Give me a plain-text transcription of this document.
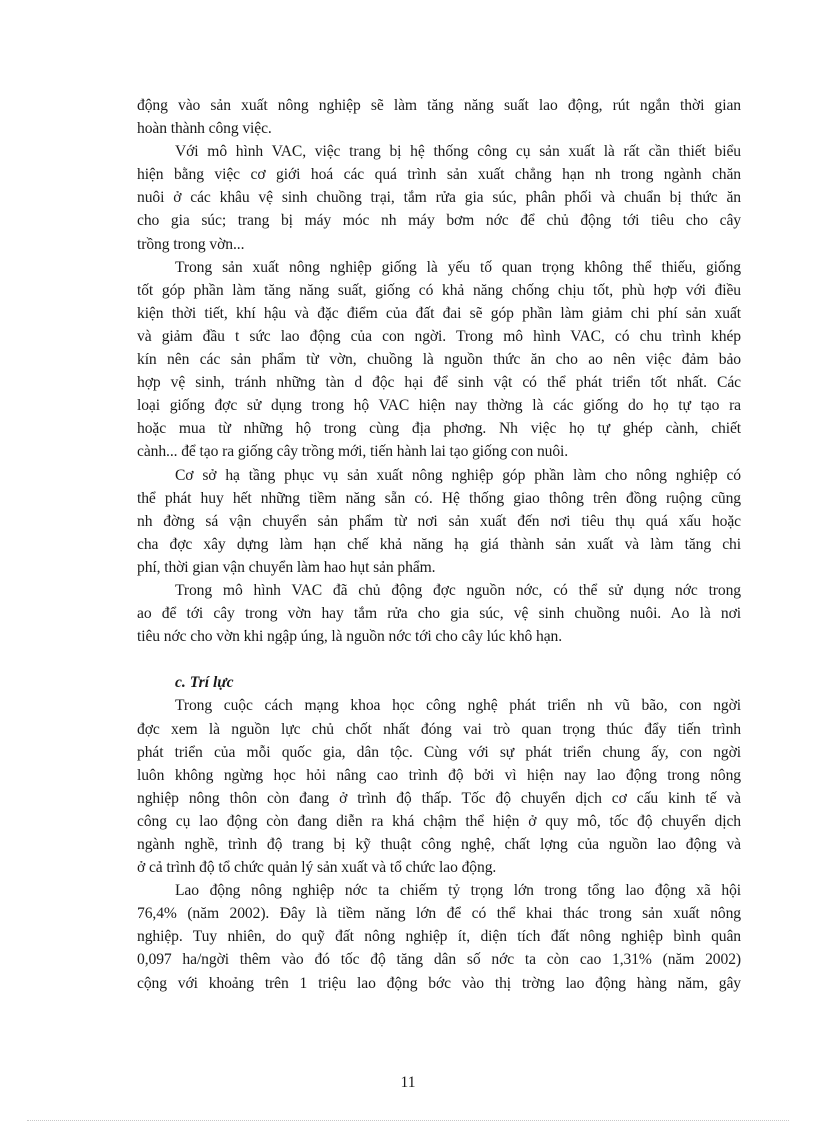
động vào sản xuất nông nghiệp sẽ làm tăng năng suất lao động, rút ngắn thời gian
hoàn thành công việc.
Với mô hình VAC, việc trang bị hệ thống công cụ sản xuất là rất cần thiết biểu
hiện bằng việc cơ giới hoá các quá trình sản xuất chẳng hạn nh trong ngành chăn
nuôi ở các khâu vệ sinh chuồng trại, tắm rửa gia súc, phân phối và chuẩn bị thức ăn
cho gia súc; trang bị máy móc nh máy bơm nớc để chủ động tới tiêu cho cây
trồng trong vờn...
Trong sản xuất nông nghiệp giống là yếu tố quan trọng không thể thiếu, giống
tốt góp phần làm tăng năng suất, giống có khả năng chống chịu tốt, phù hợp với điều
kiện thời tiết, khí hậu và đặc điểm của đất đai sẽ góp phần làm giảm chi phí sản xuất
và giảm đầu t sức lao động của con ngời. Trong mô hình VAC, có chu trình khép
kín nên các sản phẩm từ vờn, chuồng là nguồn thức ăn cho ao nên việc đảm bảo
hợp vệ sinh, tránh những tàn d độc hại để sinh vật có thể phát triển tốt nhất. Các
loại giống đợc sử dụng trong hộ VAC hiện nay thờng là các giống do họ tự tạo ra
hoặc mua từ những hộ trong cùng địa phơng. Nh việc họ tự ghép cành, chiết
cành... để tạo ra giống cây trồng mới, tiến hành lai tạo giống con nuôi.
Cơ sở hạ tầng phục vụ sản xuất nông nghiệp góp phần làm cho nông nghiệp có
thể phát huy hết những tiềm năng sẵn có. Hệ thống giao thông trên đồng ruộng cũng
nh đờng sá vận chuyển sản phẩm từ nơi sản xuất đến nơi tiêu thụ quá xấu hoặc
cha đợc xây dựng làm hạn chế khả năng hạ giá thành sản xuất và làm tăng chi
phí, thời gian vận chuyển làm hao hụt sản phẩm.
Trong mô hình VAC đã chủ động đợc nguồn nớc, có thể sử dụng nớc trong
ao để tới cây trong vờn hay tắm rửa cho gia súc, vệ sinh chuồng nuôi. Ao là nơi
tiêu nớc cho vờn khi ngập úng, là nguồn nớc tới cho cây lúc khô hạn.
c. Trí lực
Trong cuộc cách mạng khoa học công nghệ phát triển nh vũ bão, con ngời
đợc xem là nguồn lực chủ chốt nhất đóng vai trò quan trọng thúc đẩy tiến trình
phát triển của mỗi quốc gia, dân tộc. Cùng với sự phát triển chung ấy, con ngời
luôn không ngừng học hỏi nâng cao trình độ bởi vì hiện nay lao động trong nông
nghiệp nông thôn còn đang ở trình độ thấp. Tốc độ chuyển dịch cơ cấu kinh tế và
công cụ lao động còn đang diễn ra khá chậm thể hiện ở quy mô, tốc độ chuyển dịch
ngành nghề, trình độ trang bị kỹ thuật công nghệ, chất lợng của nguồn lao động và
ở cả trình độ tổ chức quản lý sản xuất và tổ chức lao động.
Lao động nông nghiệp nớc ta chiếm tỷ trọng lớn trong tổng lao động xã hội
76,4% (năm 2002). Đây là tiềm năng lớn để có thể khai thác trong sản xuất nông
nghiệp. Tuy nhiên, do quỹ đất nông nghiệp ít, diện tích đất nông nghiệp bình quân
0,097 ha/ngời thêm vào đó tốc độ tăng dân số nớc ta còn cao 1,31% (năm 2002)
cộng với khoảng trên 1 triệu lao động bớc vào thị trờng lao động hàng năm, gây
11
